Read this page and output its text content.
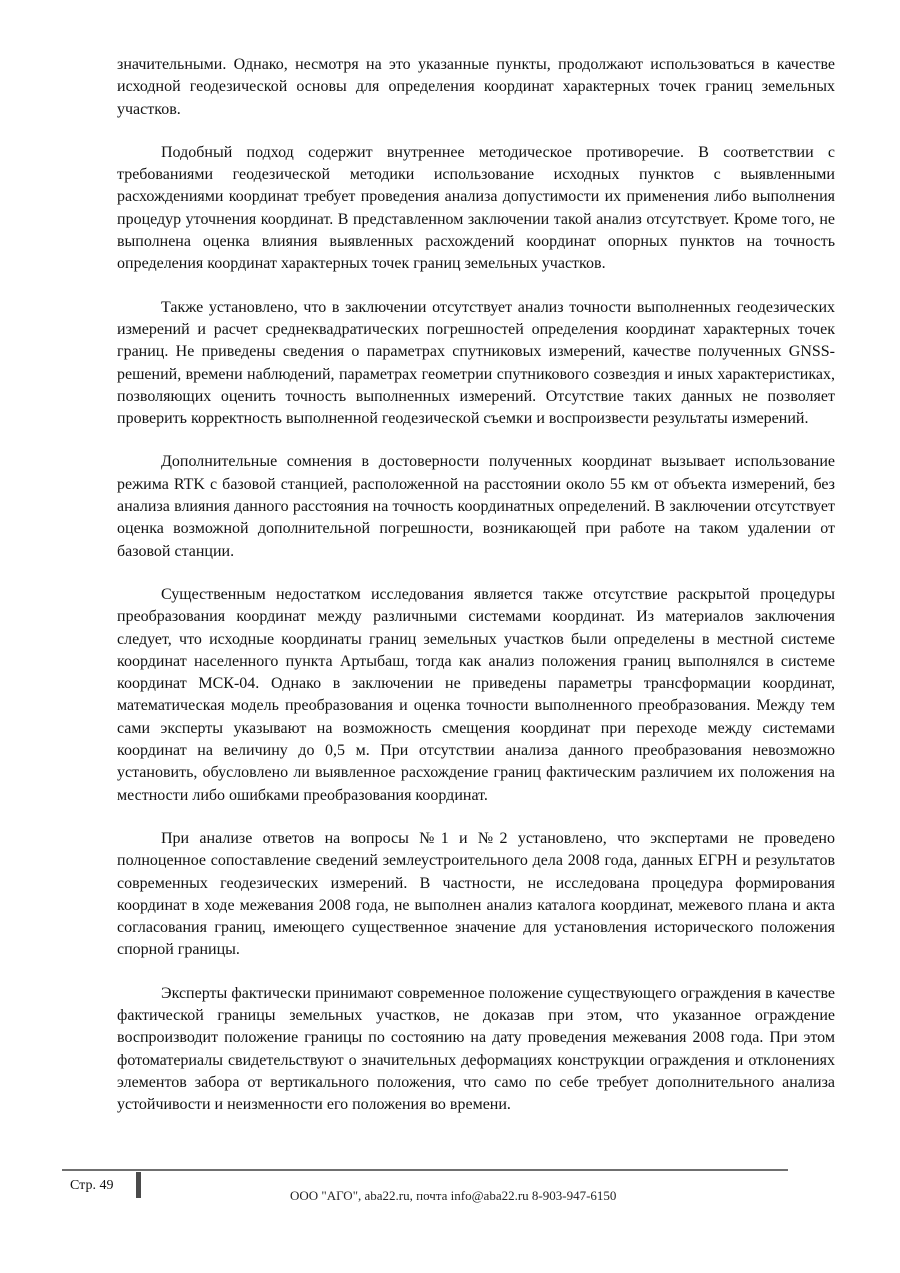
значительными. Однако, несмотря на это указанные пункты, продолжают использоваться в качестве исходной геодезической основы для определения координат характерных точек границ земельных участков.

Подобный подход содержит внутреннее методическое противоречие. В соответствии с требованиями геодезической методики использование исходных пунктов с выявленными расхождениями координат требует проведения анализа допустимости их применения либо выполнения процедур уточнения координат. В представленном заключении такой анализ отсутствует. Кроме того, не выполнена оценка влияния выявленных расхождений координат опорных пунктов на точность определения координат характерных точек границ земельных участков.

Также установлено, что в заключении отсутствует анализ точности выполненных геодезических измерений и расчет среднеквадратических погрешностей определения координат характерных точек границ. Не приведены сведения о параметрах спутниковых измерений, качестве полученных GNSS-решений, времени наблюдений, параметрах геометрии спутникового созвездия и иных характеристиках, позволяющих оценить точность выполненных измерений. Отсутствие таких данных не позволяет проверить корректность выполненной геодезической съемки и воспроизвести результаты измерений.

Дополнительные сомнения в достоверности полученных координат вызывает использование режима RTK с базовой станцией, расположенной на расстоянии около 55 км от объекта измерений, без анализа влияния данного расстояния на точность координатных определений. В заключении отсутствует оценка возможной дополнительной погрешности, возникающей при работе на таком удалении от базовой станции.

Существенным недостатком исследования является также отсутствие раскрытой процедуры преобразования координат между различными системами координат. Из материалов заключения следует, что исходные координаты границ земельных участков были определены в местной системе координат населенного пункта Артыбаш, тогда как анализ положения границ выполнялся в системе координат МСК-04. Однако в заключении не приведены параметры трансформации координат, математическая модель преобразования и оценка точности выполненного преобразования. Между тем сами эксперты указывают на возможность смещения координат при переходе между системами координат на величину до 0,5 м. При отсутствии анализа данного преобразования невозможно установить, обусловлено ли выявленное расхождение границ фактическим различием их положения на местности либо ошибками преобразования координат.

При анализе ответов на вопросы №1 и №2 установлено, что экспертами не проведено полноценное сопоставление сведений землеустроительного дела 2008 года, данных ЕГРН и результатов современных геодезических измерений. В частности, не исследована процедура формирования координат в ходе межевания 2008 года, не выполнен анализ каталога координат, межевого плана и акта согласования границ, имеющего существенное значение для установления исторического положения спорной границы.

Эксперты фактически принимают современное положение существующего ограждения в качестве фактической границы земельных участков, не доказав при этом, что указанное ограждение воспроизводит положение границы по состоянию на дату проведения межевания 2008 года. При этом фотоматериалы свидетельствуют о значительных деформациях конструкции ограждения и отклонениях элементов забора от вертикального положения, что само по себе требует дополнительного анализа устойчивости и неизменности его положения во времени.

Стр. 49
ООО "АГО", aba22.ru, почта info@aba22.ru 8-903-947-6150
